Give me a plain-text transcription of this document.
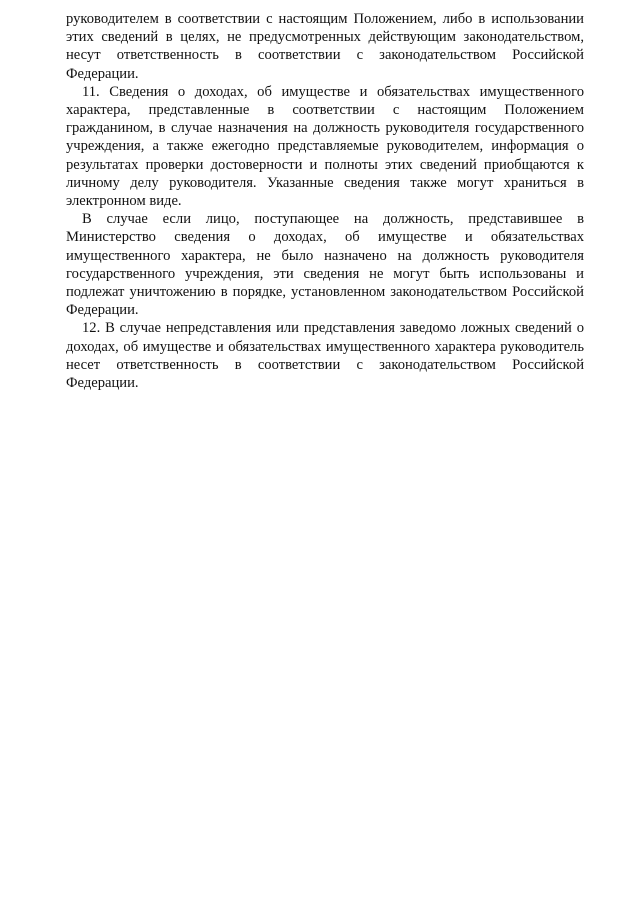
руководителем в соответствии с настоящим Положением, либо в использовании этих сведений в целях, не предусмотренных действующим законодательством, несут ответственность в соответствии с законодательством Российской Федерации.

11. Сведения о доходах, об имуществе и обязательствах имущественного характера, представленные в соответствии с настоящим Положением гражданином, в случае назначения на должность руководителя государственного учреждения, а также ежегодно представляемые руководителем, информация о результатах проверки достоверности и полноты этих сведений приобщаются к личному делу руководителя. Указанные сведения также могут храниться в электронном виде.

В случае если лицо, поступающее на должность, представившее в Министерство сведения о доходах, об имуществе и обязательствах имущественного характера, не было назначено на должность руководителя государственного учреждения, эти сведения не могут быть использованы и подлежат уничтожению в порядке, установленном законодательством Российской Федерации.

12. В случае непредставления или представления заведомо ложных сведений о доходах, об имуществе и обязательствах имущественного характера руководитель несет ответственность в соответствии с законодательством Российской Федерации.
